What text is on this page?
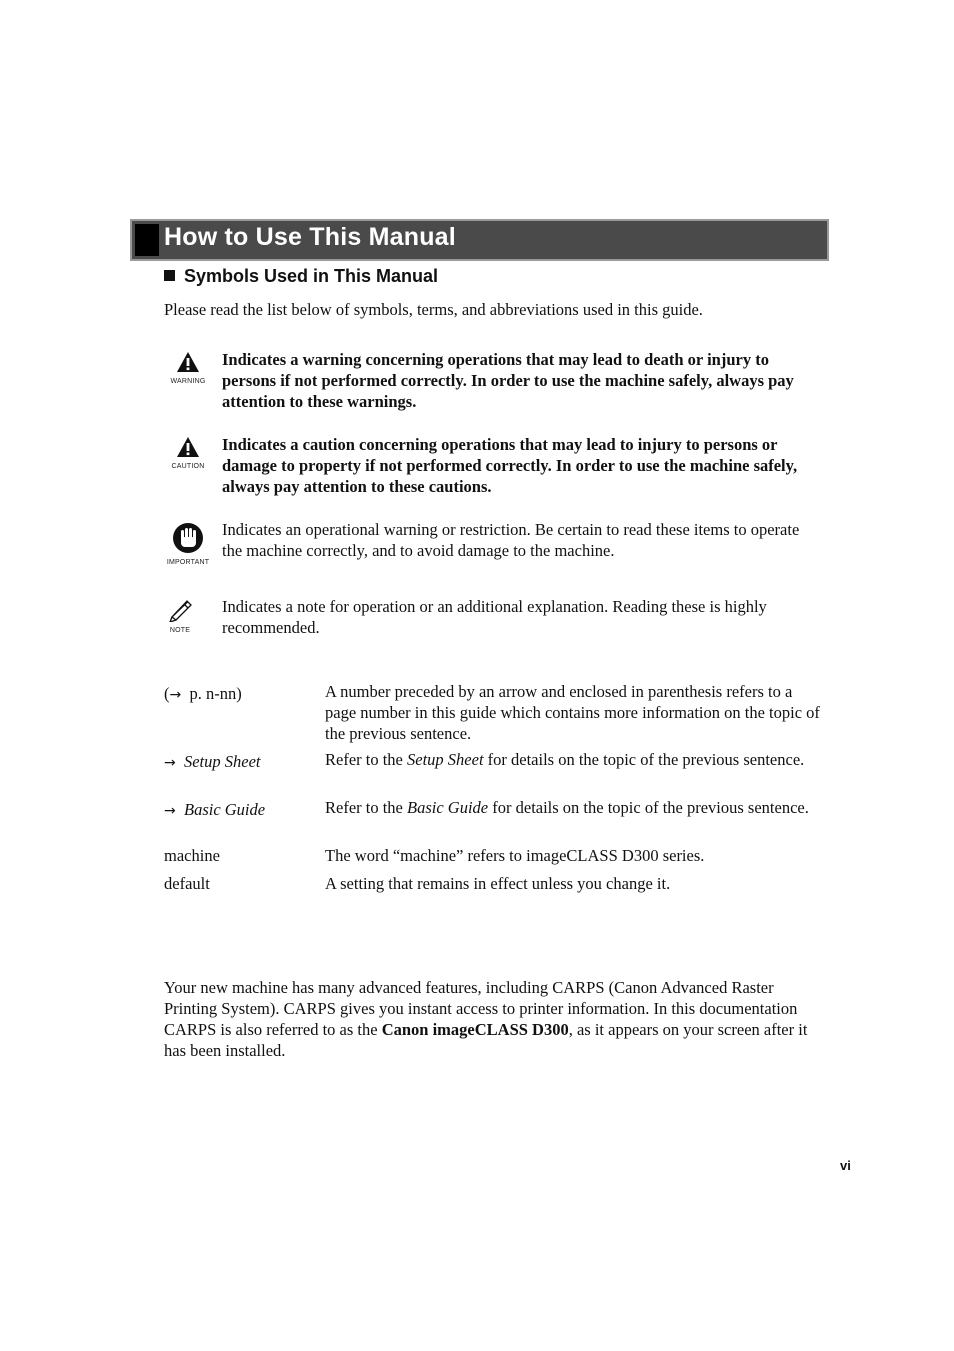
How to Use This Manual
Symbols Used in This Manual
Please read the list below of symbols, terms, and abbreviations used in this guide.
WARNING
Indicates a warning concerning operations that may lead to death or injury to persons if not performed correctly. In order to use the machine safely, always pay attention to these warnings.
CAUTION
Indicates a caution concerning operations that may lead to injury to persons or damage to property if not performed correctly. In order to use the machine safely, always pay attention to these cautions.
IMPORTANT
Indicates an operational warning or restriction. Be certain to read these items to operate the machine correctly, and to avoid damage to the machine.
NOTE
Indicates a note for operation or an additional explanation. Reading these is highly recommended.
(→ p. n-nn)	A number preceded by an arrow and enclosed in parenthesis refers to a page number in this guide which contains more information on the topic of the previous sentence.
→ Setup Sheet	Refer to the Setup Sheet for details on the topic of the previous sentence.
→ Basic Guide	Refer to the Basic Guide for details on the topic of the previous sentence.
machine	The word “machine” refers to imageCLASS D300 series.
default	A setting that remains in effect unless you change it.
Your new machine has many advanced features, including CARPS (Canon Advanced Raster Printing System). CARPS gives you instant access to printer information. In this documentation CARPS is also referred to as the Canon imageCLASS D300, as it appears on your screen after it has been installed.
vi
